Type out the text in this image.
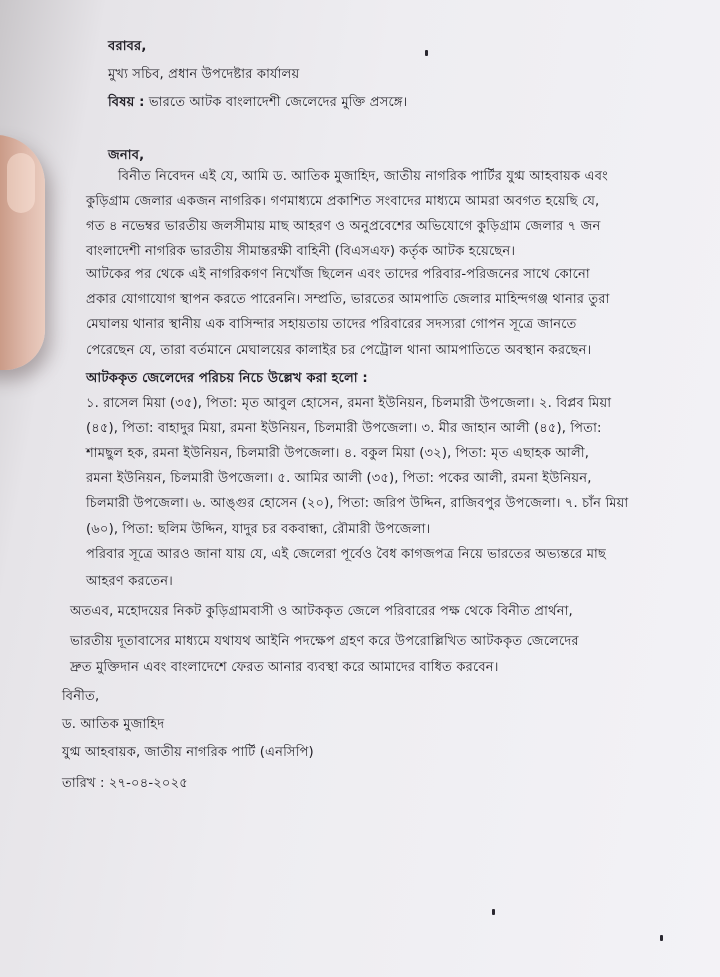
বরাবর,
মুখ্য সচিব, প্রধান উপদেষ্টার কার্যালয়
বিষয় : ভারতে আটক বাংলাদেশী জেলেদের মুক্তি প্রসঙ্গে।
জনাব,
বিনীত নিবেদন এই যে, আমি ড. আতিক মুজাহিদ, জাতীয় নাগরিক পার্টির যুগ্ম আহবায়ক এবং
কুড়িগ্রাম জেলার একজন নাগরিক। গণমাধ্যমে প্রকাশিত সংবাদের মাধ্যমে আমরা অবগত হয়েছি যে,
গত ৪ নভেম্বর ভারতীয় জলসীমায় মাছ আহরণ ও অনুপ্রবেশের অভিযোগে কুড়িগ্রাম জেলার ৭ জন
বাংলাদেশী নাগরিক ভারতীয় সীমান্তরক্ষী বাহিনী (বিএসএফ) কর্তৃক আটক হয়েছেন।
আটকের পর থেকে এই নাগরিকগণ নিখোঁজ ছিলেন এবং তাদের পরিবার-পরিজনের সাথে কোনো
প্রকার যোগাযোগ স্থাপন করতে পারেননি। সম্প্রতি, ভারতের আমপাতি জেলার মাহিন্দগঞ্জ থানার তুরা
মেঘালয় থানার স্থানীয় এক বাসিন্দার সহায়তায় তাদের পরিবারের সদস্যরা গোপন সূত্রে জানতে
পেরেছেন যে, তারা বর্তমানে মেঘালয়ের কালাইর চর পেট্রোল থানা আমপাতিতে অবস্থান করছেন।
আটককৃত জেলেদের পরিচয় নিচে উল্লেখ করা হলো :
১. রাসেল মিয়া (৩৫), পিতা: মৃত আবুল হোসেন, রমনা ইউনিয়ন, চিলমারী উপজেলা। ২. বিপ্লব মিয়া
(৪৫), পিতা: বাহাদুর মিয়া, রমনা ইউনিয়ন, চিলমারী উপজেলা। ৩. মীর জাহান আলী (৪৫), পিতা:
শামছুল হক, রমনা ইউনিয়ন, চিলমারী উপজেলা। ৪. বকুল মিয়া (৩২), পিতা: মৃত এছাহক আলী,
রমনা ইউনিয়ন, চিলমারী উপজেলা। ৫. আমির আলী (৩৫), পিতা: পকের আলী, রমনা ইউনিয়ন,
চিলমারী উপজেলা। ৬. আঙ্গুর হোসেন (২০), পিতা: জরিপ উদ্দিন, রাজিবপুর উপজেলা। ৭. চাঁন মিয়া
(৬০), পিতা: ছলিম উদ্দিন, যাদুর চর বকবান্ধা, রৌমারী উপজেলা।
পরিবার সূত্রে আরও জানা যায় যে, এই জেলেরা পূর্বেও বৈধ কাগজপত্র নিয়ে ভারতের অভ্যন্তরে মাছ
আহরণ করতেন।
অতএব, মহোদয়ের নিকট কুড়িগ্রামবাসী ও আটককৃত জেলে পরিবারের পক্ষ থেকে বিনীত প্রার্থনা,
ভারতীয় দূতাবাসের মাধ্যমে যথাযথ আইনি পদক্ষেপ গ্রহণ করে উপরোল্লিখিত আটককৃত জেলেদের
দ্রুত মুক্তিদান এবং বাংলাদেশে ফেরত আনার ব্যবস্থা করে আমাদের বাধিত করবেন।
বিনীত,
ড. আতিক মুজাহিদ
যুগ্ম আহবায়ক, জাতীয় নাগরিক পার্টি (এনসিপি)
তারিখ : ২৭-০৪-২০২৫
